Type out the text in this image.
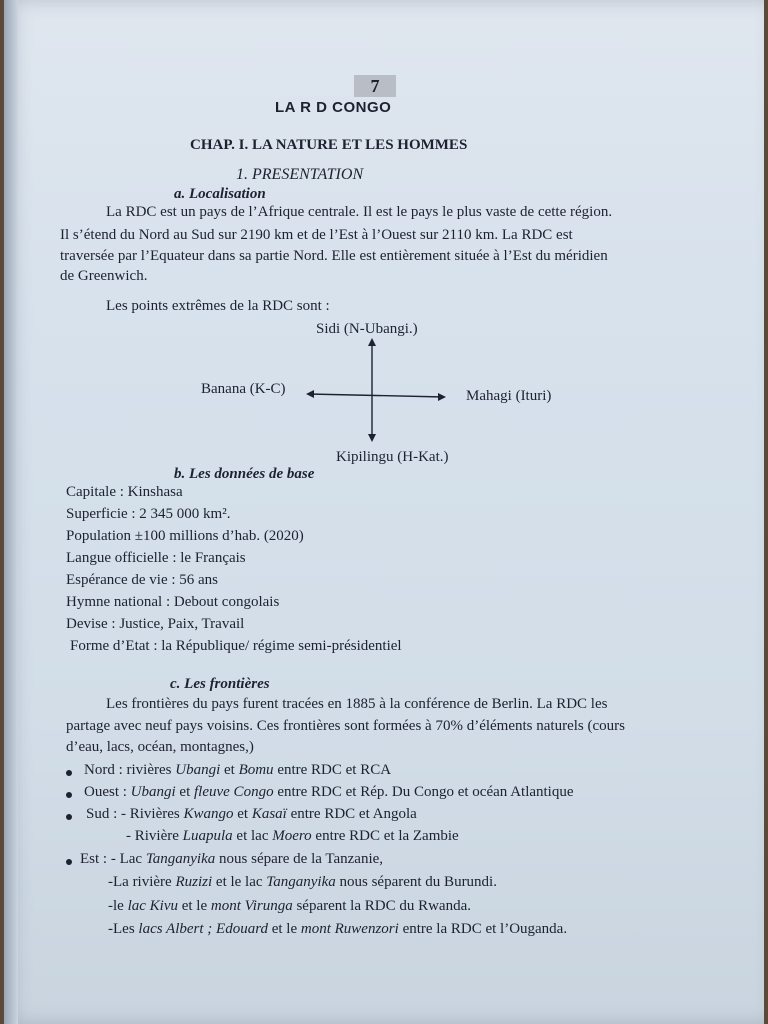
7
LA R D CONGO
CHAP. I. LA NATURE ET LES HOMMES
1. PRESENTATION
a. Localisation
La RDC est un pays de l’Afrique centrale. Il est le pays le plus vaste de cette région.
Il s’étend du Nord au Sud sur 2190 km et de l’Est à l’Ouest sur 2110 km. La RDC est
traversée par l’Equateur dans sa partie Nord. Elle est entièrement située à l’Est du méridien
de Greenwich.
Les points extrêmes de la RDC sont :
Sidi (N-Ubangi.)
Banana (K-C)	Mahagi (Ituri)
Kipilingu (H-Kat.)
b. Les données de base
Capitale : Kinshasa
Superficie : 2 345 000 km².
Population ±100 millions d’hab. (2020)
Langue officielle : le Français
Espérance de vie : 56 ans
Hymne national : Debout congolais
Devise : Justice, Paix, Travail
Forme d’Etat : la République/ régime semi-présidentiel
c. Les frontières
Les frontières du pays furent tracées en 1885 à la conférence de Berlin. La RDC les
partage avec neuf pays voisins. Ces frontières sont formées à 70% d’éléments naturels (cours
d’eau, lacs, océan, montagnes,)
Nord : rivières Ubangi et Bomu entre RDC et RCA
Ouest : Ubangi et fleuve Congo entre RDC et Rép. Du Congo et océan Atlantique
Sud : - Rivières Kwango et Kasaï entre RDC et Angola
- Rivière Luapula et lac Moero entre RDC et la Zambie
Est : - Lac Tanganyika nous sépare de la Tanzanie,
-La rivière Ruzizi et le lac Tanganyika nous séparent du Burundi.
-le lac Kivu et le mont Virunga séparent la RDC du Rwanda.
-Les lacs Albert ; Edouard et le mont Ruwenzori entre la RDC et l’Ouganda.
